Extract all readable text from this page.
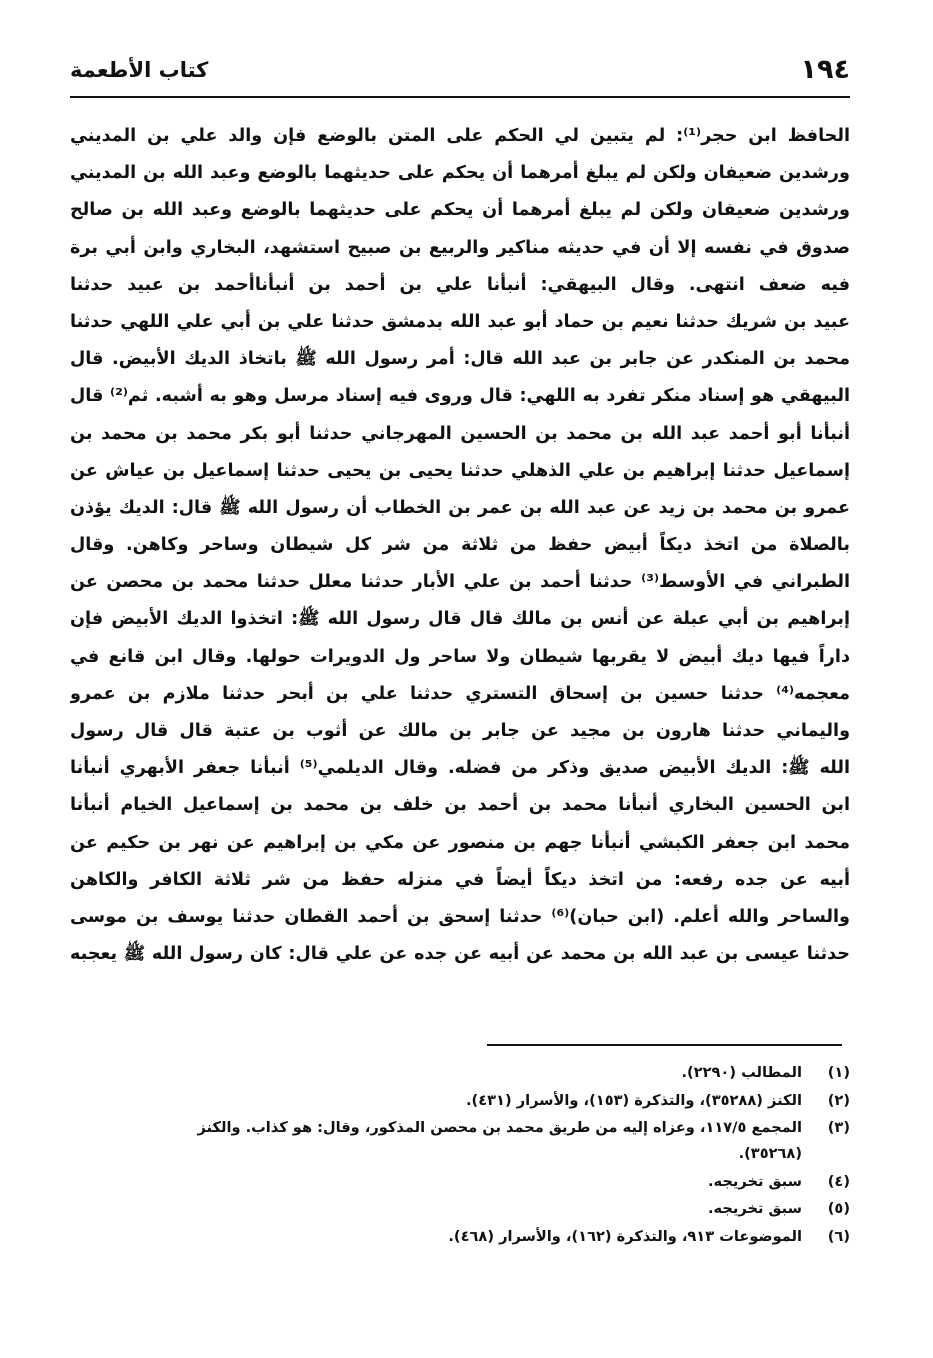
١٩٤
كتاب الأطعمة
الحافظ ابن حجر⁽¹⁾: لم يتبين لي الحكم على المتن بالوضع فإن والد علي بن المديني
ورشدين ضعيفان ولكن لم يبلغ أمرهما أن يحكم على حديثهما بالوضع وعبد الله بن المديني
ورشدين ضعيفان ولكن لم يبلغ أمرهما أن يحكم على حديثهما بالوضع وعبد الله بن صالح
صدوق في نفسه إلا أن في حديثه مناكير والربيع بن صبيح استشهد، البخاري وابن أبي برة
فيه ضعف انتهى. وقال البيهقي: أنبأنا علي بن أحمد بن أنبأناأحمد بن عبيد حدثنا
عبيد بن شريك حدثنا نعيم بن حماد أبو عبد الله بدمشق حدثنا علي بن أبي علي اللهي حدثنا
محمد بن المنكدر عن جابر بن عبد الله قال: أمر رسول الله ﷺ باتخاذ الديك الأبيض. قال
البيهقي هو إسناد منكر تفرد به اللهي: قال وروى فيه إسناد مرسل وهو به أشبه. ثم⁽²⁾ قال
أنبأنا أبو أحمد عبد الله بن محمد بن الحسين المهرجاني حدثنا أبو بكر محمد بن محمد بن
إسماعيل حدثنا إبراهيم بن علي الذهلي حدثنا يحيى بن يحيى حدثنا إسماعيل بن عياش عن
عمرو بن محمد بن زيد عن عبد الله بن عمر بن الخطاب أن رسول الله ﷺ قال: الديك يؤذن
بالصلاة من اتخذ ديكاً أبيض حفظ من ثلاثة من شر كل شيطان وساحر وكاهن. وقال
الطبراني في الأوسط⁽³⁾ حدثنا أحمد بن علي الأبار حدثنا معلل حدثنا محمد بن محصن عن
إبراهيم بن أبي عبلة عن أنس بن مالك قال قال رسول الله ﷺ: اتخذوا الديك الأبيض فإن
داراً فيها ديك أبيض لا يقربها شيطان ولا ساحر ول الدويرات حولها. وقال ابن قانع في
معجمه⁽⁴⁾ حدثنا حسين بن إسحاق التستري حدثنا علي بن أبحر حدثنا ملازم بن عمرو
واليماني حدثنا هارون بن مجيد عن جابر بن مالك عن أثوب بن عتبة قال قال رسول
الله ﷺ: الديك الأبيض صديق وذكر من فضله. وقال الديلمي⁽⁵⁾ أنبأنا جعفر الأبهري أنبأنا
ابن الحسين البخاري أنبأنا محمد بن أحمد بن خلف بن محمد بن إسماعيل الخيام أنبأنا
محمد ابن جعفر الكبشي أنبأنا جهم بن منصور عن مكي بن إبراهيم عن نهر بن حكيم عن
أبيه عن جده رفعه: من اتخذ ديكاً أيضاً في منزله حفظ من شر ثلاثة الكافر والكاهن
والساحر والله أعلم. (ابن حبان)⁽⁶⁾ حدثنا إسحق بن أحمد القطان حدثنا يوسف بن موسى
حدثنا عيسى بن عبد الله بن محمد عن أبيه عن جده عن علي قال: كان رسول الله ﷺ يعجبه
(١)
المطالب (٢٢٩٠).
(٢)
الكنز (٣٥٢٨٨)، والتذكرة (١٥٣)، والأسرار (٤٣١).
(٣)
المجمع ١١٧/٥، وعزاه إليه من طريق محمد بن محصن المذكور، وقال: هو كذاب. والكنز
(٣٥٢٦٨).
(٤)
سبق تخريجه.
(٥)
سبق تخريجه.
(٦)
الموضوعات ٩١٣، والتذكرة (١٦٢)، والأسرار (٤٦٨).
